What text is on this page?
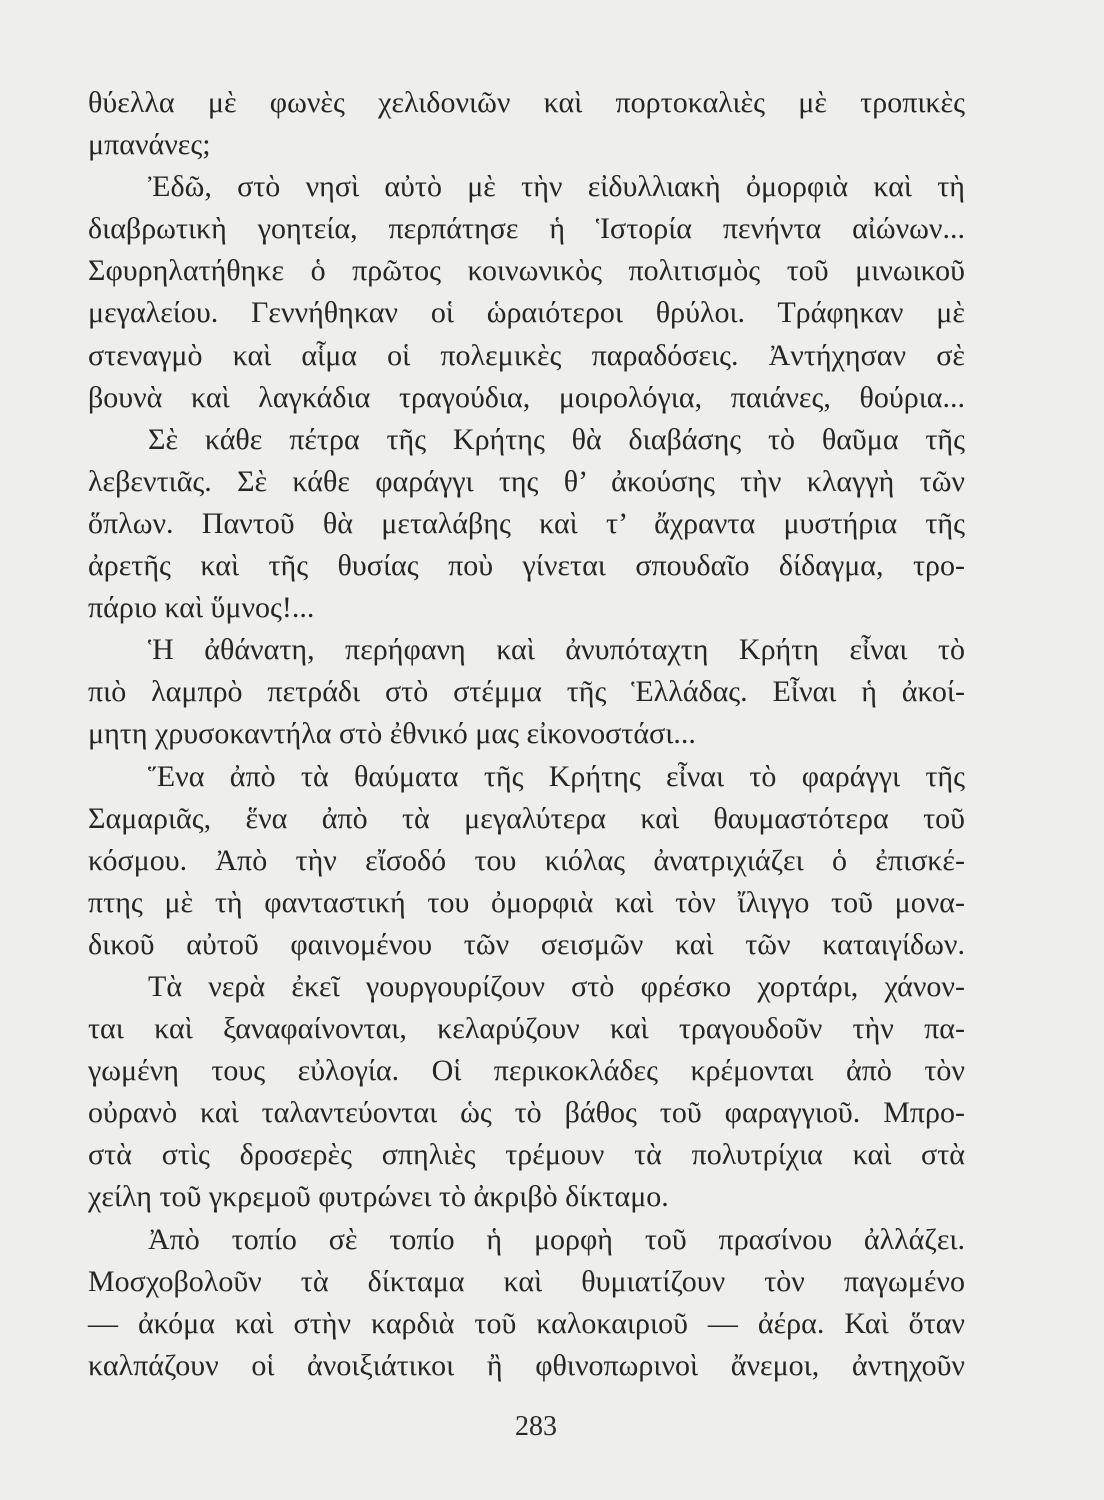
θύελλα μὲ φωνὲς χελιδονιῶν καὶ πορτοκαλιὲς μὲ τροπικὲς
μπανάνες;
Ἐδῶ, στὸ νησὶ αὐτὸ μὲ τὴν εἰδυλλιακὴ ὀμορφιὰ καὶ τὴ
διαβρωτικὴ γοητεία, περπάτησε ἡ Ἱστορία πενήντα αἰώνων...
Σφυρηλατήθηκε ὁ πρῶτος κοινωνικὸς πολιτισμὸς τοῦ μινωικοῦ
μεγαλείου. Γεννήθηκαν οἱ ὡραιότεροι θρύλοι. Τράφηκαν μὲ
στεναγμὸ καὶ αἷμα οἱ πολεμικὲς παραδόσεις. Ἀντήχησαν σὲ
βουνὰ καὶ λαγκάδια τραγούδια, μοιρολόγια, παιάνες, θούρια...
Σὲ κάθε πέτρα τῆς Κρήτης θὰ διαβάσης τὸ θαῦμα τῆς
λεβεντιᾶς. Σὲ κάθε φαράγγι της θ’ ἀκούσης τὴν κλαγγὴ τῶν
ὅπλων. Παντοῦ θὰ μεταλάβης καὶ τ’ ἄχραντα μυστήρια τῆς
ἀρετῆς καὶ τῆς θυσίας ποὺ γίνεται σπουδαῖο δίδαγμα, τρο-
πάριο καὶ ὕμνος!...
Ἡ ἀθάνατη, περήφανη καὶ ἀνυπόταχτη Κρήτη εἶναι τὸ
πιὸ λαμπρὸ πετράδι στὸ στέμμα τῆς Ἑλλάδας. Εἶναι ἡ ἀκοί-
μητη χρυσοκαντήλα στὸ ἐθνικό μας εἰκονοστάσι...
Ἕνα ἀπὸ τὰ θαύματα τῆς Κρήτης εἶναι τὸ φαράγγι τῆς
Σαμαριᾶς, ἕνα ἀπὸ τὰ μεγαλύτερα καὶ θαυμαστότερα τοῦ
κόσμου. Ἀπὸ τὴν εἴσοδό του κιόλας ἀνατριχιάζει ὁ ἐπισκέ-
πτης μὲ τὴ φανταστική του ὀμορφιὰ καὶ τὸν ἴλιγγο τοῦ μονα-
δικοῦ αὐτοῦ φαινομένου τῶν σεισμῶν καὶ τῶν καταιγίδων.
Τὰ νερὰ ἐκεῖ γουργουρίζουν στὸ φρέσκο χορτάρι, χάνον-
ται καὶ ξαναφαίνονται, κελαρύζουν καὶ τραγουδοῦν τὴν πα-
γωμένη τους εὐλογία. Οἱ περικοκλάδες κρέμονται ἀπὸ τὸν
οὐρανὸ καὶ ταλαντεύονται ὡς τὸ βάθος τοῦ φαραγγιοῦ. Μπρο-
στὰ στὶς δροσερὲς σπηλιὲς τρέμουν τὰ πολυτρίχια καὶ στὰ
χείλη τοῦ γκρεμοῦ φυτρώνει τὸ ἀκριβὸ δίκταμο.
Ἀπὸ τοπίο σὲ τοπίο ἡ μορφὴ τοῦ πρασίνου ἀλλάζει.
Μοσχοβολοῦν τὰ δίκταμα καὶ θυμιατίζουν τὸν παγωμένο
— ἀκόμα καὶ στὴν καρδιὰ τοῦ καλοκαιριοῦ — ἀέρα. Καὶ ὅταν
καλπάζουν οἱ ἀνοιξιάτικοι ἢ φθινοπωρινοὶ ἄνεμοι, ἀντηχοῦν
283
